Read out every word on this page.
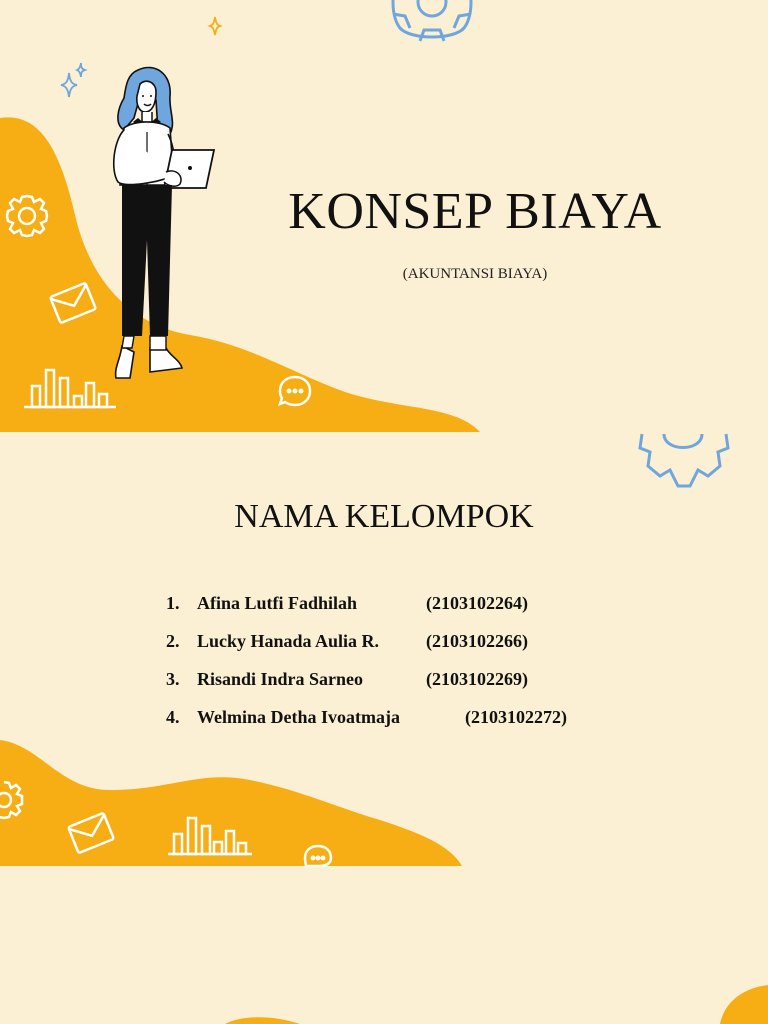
KONSEP BIAYA
(AKUNTANSI BIAYA)
NAMA KELOMPOK
1. Afina Lutfi Fadhilah	(2103102264)
2. Lucky Hanada Aulia R.	(2103102266)
3. Risandi Indra Sarneo	(2103102269)
4. Welmina Detha Ivoatmaja	(2103102272)
